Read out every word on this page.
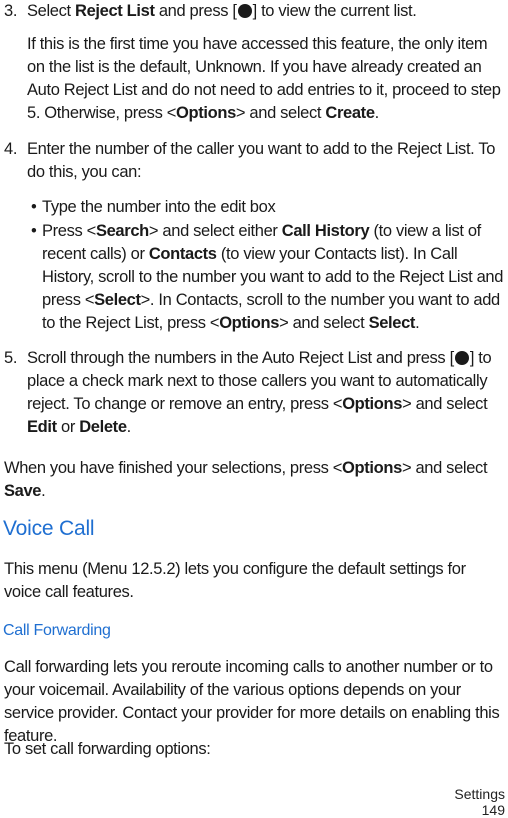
3. Select Reject List and press [ ] to view the current list.
If this is the first time you have accessed this feature, the only item on the list is the default, Unknown. If you have already created an Auto Reject List and do not need to add entries to it, proceed to step 5. Otherwise, press <Options> and select Create.
4. Enter the number of the caller you want to add to the Reject List. To do this, you can:
• Type the number into the edit box
• Press <Search> and select either Call History (to view a list of recent calls) or Contacts (to view your Contacts list). In Call History, scroll to the number you want to add to the Reject List and press <Select>. In Contacts, scroll to the number you want to add to the Reject List, press <Options> and select Select.
5. Scroll through the numbers in the Auto Reject List and press [ ] to place a check mark next to those callers you want to automatically reject. To change or remove an entry, press <Options> and select Edit or Delete.
When you have finished your selections, press <Options> and select Save.
Voice Call
This menu (Menu 12.5.2) lets you configure the default settings for voice call features.
Call Forwarding
Call forwarding lets you reroute incoming calls to another number or to your voicemail. Availability of the various options depends on your service provider. Contact your provider for more details on enabling this feature.
To set call forwarding options:
Settings
149
